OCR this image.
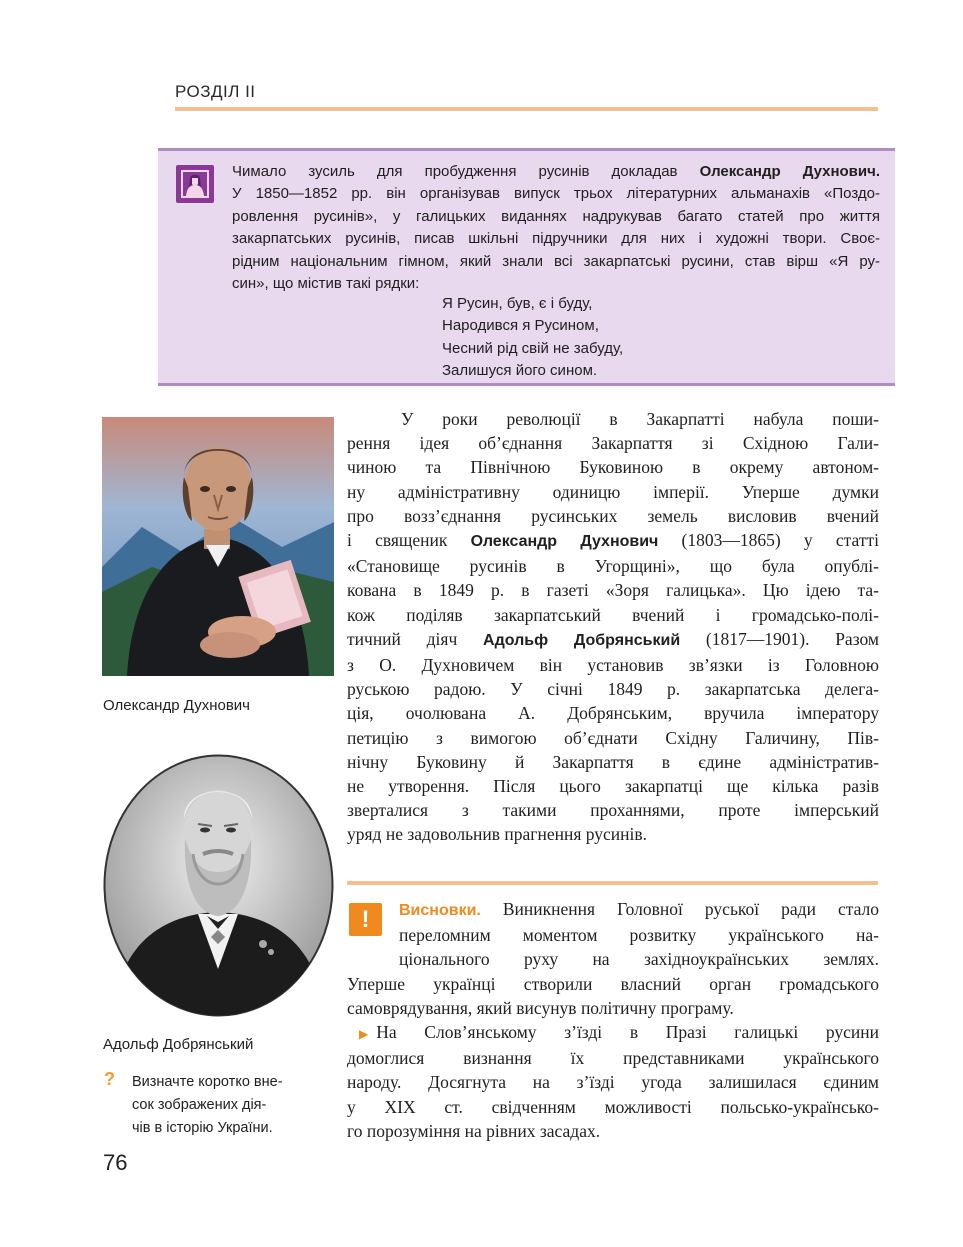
РОЗДІЛ II
Чимало зусиль для пробудження русинів докладав Олександр Духнович.
У 1850—1852 рр. він організував випуск трьох літературних альманахів «Поздо-
ровлення русинів», у галицьких виданнях надрукував багато статей про життя
закарпатських русинів, писав шкільні підручники для них і художні твори. Своє-
рідним національним гімном, який знали всі закарпатські русини, став вірш «Я ру-
син», що містив такі рядки:
Я Русин, був, є і буду,
Народився я Русином,
Чесний рід свій не забуду,
Залишуся його сином.
Олександр Духнович
Адольф Добрянський
? Визначте коротко вне-
сок зображених дія-
чів в історію України.
76
У роки революції в Закарпатті набула поши-
рення ідея об’єднання Закарпаття зі Східною Гали-
чиною та Північною Буковиною в окрему автоном-
ну адміністративну одиницю імперії. Уперше думки
про возз’єднання русинських земель висловив вчений
і священик Олександр Духнович (1803—1865) у статті
«Становище русинів в Угорщині», що була опублі-
кована в 1849 р. в газеті «Зоря галицька». Цю ідею та-
кож поділяв закарпатський вчений і громадсько-полі-
тичний діяч Адольф Добрянський (1817—1901). Разом
з О. Духновичем він установив зв’язки із Головною
руською радою. У січні 1849 р. закарпатська делега-
ція, очолювана А. Добрянським, вручила імператору
петицію з вимогою об’єднати Східну Галичину, Пів-
нічну Буковину й Закарпаття в єдине адміністратив-
не утворення. Після цього закарпатці ще кілька разів
зверталися з такими проханнями, проте імперський
уряд не задовольнив прагнення русинів.
!	Висновки. Виникнення Головної руської ради стало
переломним моментом розвитку українського на-
ціонального руху на західноукраїнських землях.
Уперше українці створили власний орган громадського
самоврядування, який висунув політичну програму.
▶ На Слов’янському з’їзді в Празі галицькі русини
домоглися визнання їх представниками українського
народу. Досягнута на з’їзді угода залишилася єдиним
у XIX ст. свідченням можливості польсько-українсько-
го порозуміння на рівних засадах.
